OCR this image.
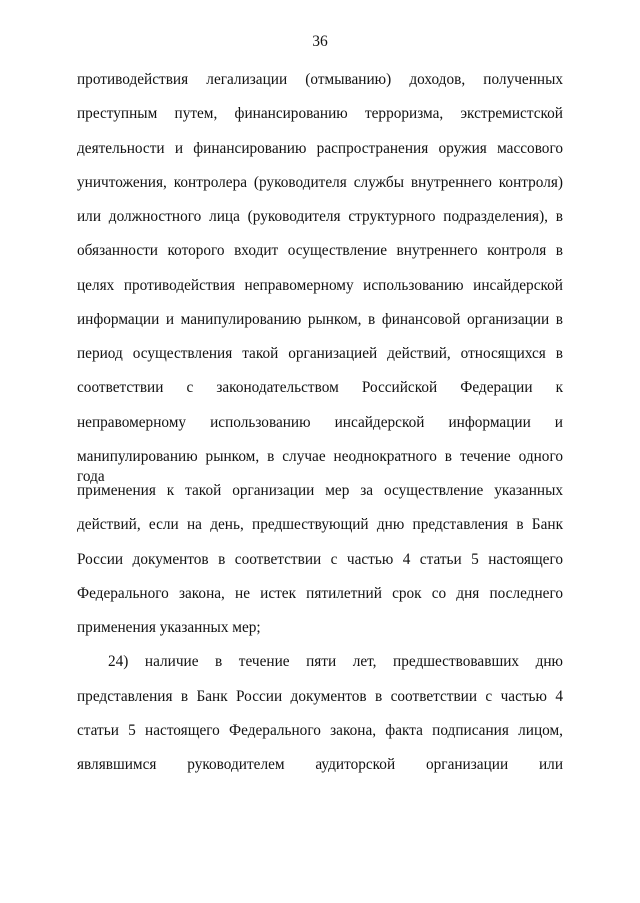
36
противодействия легализации (отмыванию) доходов, полученных
преступным путем, финансированию терроризма, экстремистской
деятельности и финансированию распространения оружия массового
уничтожения, контролера (руководителя службы внутреннего контроля)
или должностного лица (руководителя структурного подразделения), в
обязанности которого входит осуществление внутреннего контроля в
целях противодействия неправомерному использованию инсайдерской
информации и манипулированию рынком, в финансовой организации в
период осуществления такой организацией действий, относящихся в
соответствии с законодательством Российской Федерации к
неправомерному использованию инсайдерской информации и
манипулированию рынком, в случае неоднократного в течение одного года
применения к такой организации мер за осуществление указанных
действий, если на день, предшествующий дню представления в Банк
России документов в соответствии с частью 4 статьи 5 настоящего
Федерального закона, не истек пятилетний срок со дня последнего
применения указанных мер;
24) наличие в течение пяти лет, предшествовавших дню
представления в Банк России документов в соответствии с частью 4
статьи 5 настоящего Федерального закона, факта подписания лицом,
являвшимся руководителем аудиторской организации или
